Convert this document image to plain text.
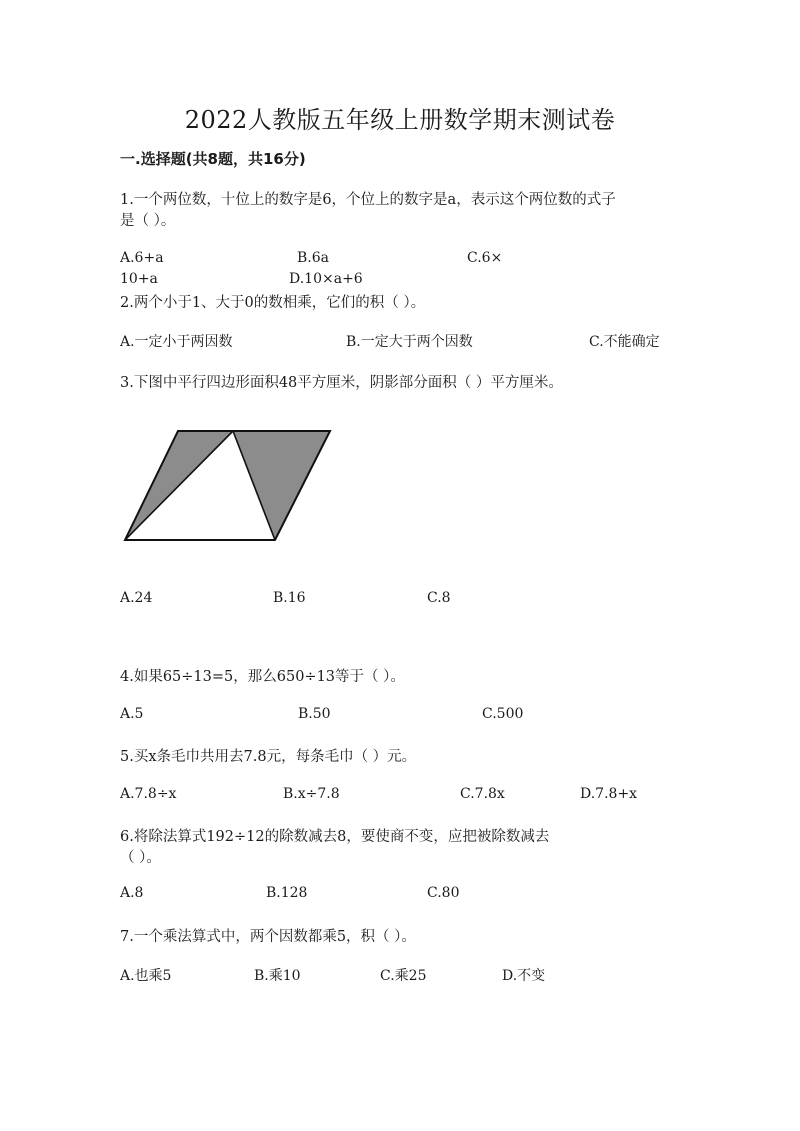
2022人教版五年级上册数学期末测试卷
一.选择题(共8题，共16分)
1.一个两位数，十位上的数字是6，个位上的数字是a，表示这个两位数的式子
是（ ）。
A.6+a	B.6a	C.6×
10+a	D.10×a+6
2.两个小于1、大于0的数相乘，它们的积（ ）。
A.一定小于两因数	B.一定大于两个因数	C.不能确定
3.下图中平行四边形面积48平方厘米，阴影部分面积（ ）平方厘米。
A.24	B.16	C.8
4.如果65÷13=5，那么650÷13等于（ ）。
A.5	B.50	C.500
5.买x条毛巾共用去7.8元，每条毛巾（ ）元。
A.7.8÷x	B.x÷7.8	C.7.8x	D.7.8+x
6.将除法算式192÷12的除数减去8，要使商不变，应把被除数减去
（ ）。
A.8	B.128	C.80
7.一个乘法算式中，两个因数都乘5，积（ ）。
A.也乘5	B.乘10	C.乘25	D.不变
